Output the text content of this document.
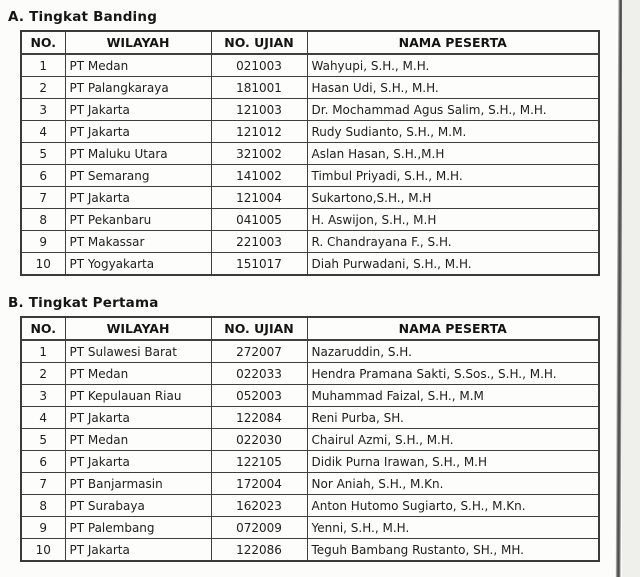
A. Tingkat Banding
NO.	WILAYAH	NO. UJIAN	NAMA PESERTA
1	PT Medan	021003	Wahyupi, S.H., M.H.
2	PT Palangkaraya	181001	Hasan Udi, S.H., M.H.
3	PT Jakarta	121003	Dr. Mochammad Agus Salim, S.H., M.H.
4	PT Jakarta	121012	Rudy Sudianto, S.H., M.M.
5	PT Maluku Utara	321002	Aslan Hasan, S.H.,M.H
6	PT Semarang	141002	Timbul Priyadi, S.H., M.H.
7	PT Jakarta	121004	Sukartono,S.H., M.H
8	PT Pekanbaru	041005	H. Aswijon, S.H., M.H
9	PT Makassar	221003	R. Chandrayana F., S.H.
10	PT Yogyakarta	151017	Diah Purwadani, S.H., M.H.
B. Tingkat Pertama
NO.	WILAYAH	NO. UJIAN	NAMA PESERTA
1	PT Sulawesi Barat	272007	Nazaruddin, S.H.
2	PT Medan	022033	Hendra Pramana Sakti, S.Sos., S.H., M.H.
3	PT Kepulauan Riau	052003	Muhammad Faizal, S.H., M.M
4	PT Jakarta	122084	Reni Purba, SH.
5	PT Medan	022030	Chairul Azmi, S.H., M.H.
6	PT Jakarta	122105	Didik Purna Irawan, S.H., M.H
7	PT Banjarmasin	172004	Nor Aniah, S.H., M.Kn.
8	PT Surabaya	162023	Anton Hutomo Sugiarto, S.H., M.Kn.
9	PT Palembang	072009	Yenni, S.H., M.H.
10	PT Jakarta	122086	Teguh Bambang Rustanto, SH., MH.
